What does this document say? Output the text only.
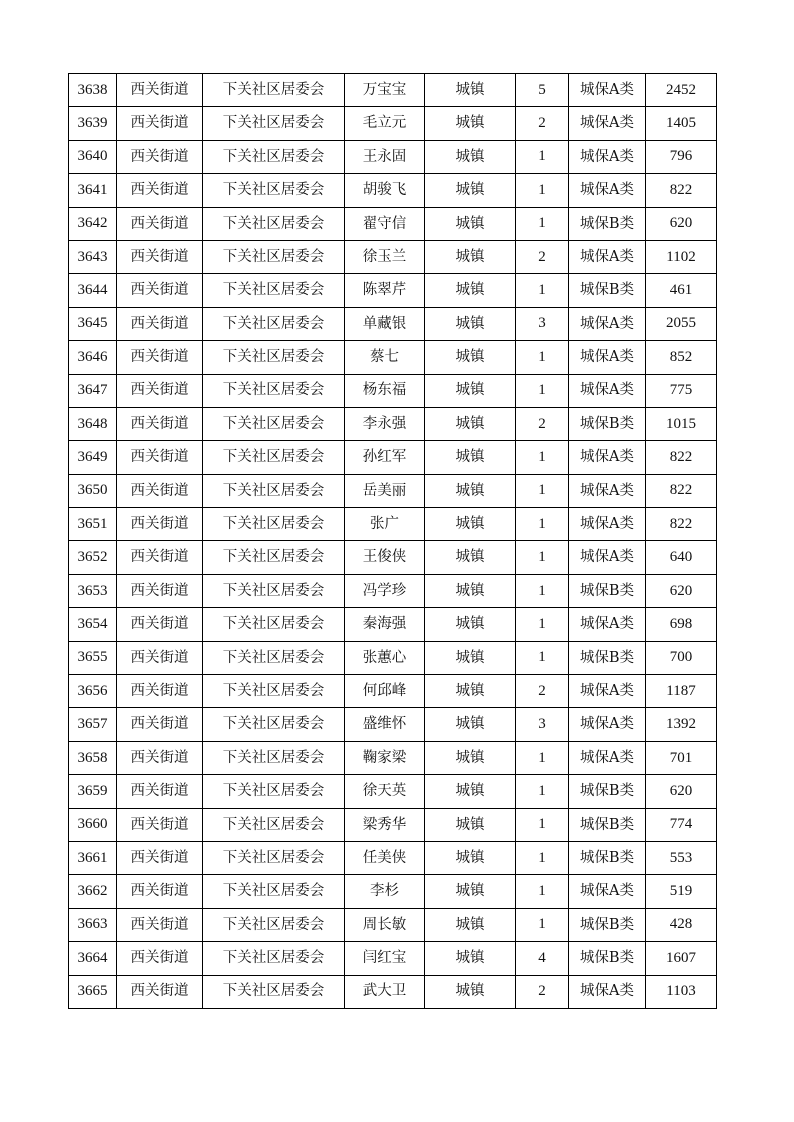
3638	西关街道	下关社区居委会	万宝宝	城镇	5	城保A类	2452
3639	西关街道	下关社区居委会	毛立元	城镇	2	城保A类	1405
3640	西关街道	下关社区居委会	王永固	城镇	1	城保A类	796
3641	西关街道	下关社区居委会	胡骏飞	城镇	1	城保A类	822
3642	西关街道	下关社区居委会	翟守信	城镇	1	城保B类	620
3643	西关街道	下关社区居委会	徐玉兰	城镇	2	城保A类	1102
3644	西关街道	下关社区居委会	陈翠芹	城镇	1	城保B类	461
3645	西关街道	下关社区居委会	单藏银	城镇	3	城保A类	2055
3646	西关街道	下关社区居委会	蔡七	城镇	1	城保A类	852
3647	西关街道	下关社区居委会	杨东福	城镇	1	城保A类	775
3648	西关街道	下关社区居委会	李永强	城镇	2	城保B类	1015
3649	西关街道	下关社区居委会	孙红军	城镇	1	城保A类	822
3650	西关街道	下关社区居委会	岳美丽	城镇	1	城保A类	822
3651	西关街道	下关社区居委会	张广	城镇	1	城保A类	822
3652	西关街道	下关社区居委会	王俊侠	城镇	1	城保A类	640
3653	西关街道	下关社区居委会	冯学珍	城镇	1	城保B类	620
3654	西关街道	下关社区居委会	秦海强	城镇	1	城保A类	698
3655	西关街道	下关社区居委会	张蕙心	城镇	1	城保B类	700
3656	西关街道	下关社区居委会	何邱峰	城镇	2	城保A类	1187
3657	西关街道	下关社区居委会	盛维怀	城镇	3	城保A类	1392
3658	西关街道	下关社区居委会	鞠家梁	城镇	1	城保A类	701
3659	西关街道	下关社区居委会	徐天英	城镇	1	城保B类	620
3660	西关街道	下关社区居委会	梁秀华	城镇	1	城保B类	774
3661	西关街道	下关社区居委会	任美侠	城镇	1	城保B类	553
3662	西关街道	下关社区居委会	李杉	城镇	1	城保A类	519
3663	西关街道	下关社区居委会	周长敏	城镇	1	城保B类	428
3664	西关街道	下关社区居委会	闫红宝	城镇	4	城保B类	1607
3665	西关街道	下关社区居委会	武大卫	城镇	2	城保A类	1103
